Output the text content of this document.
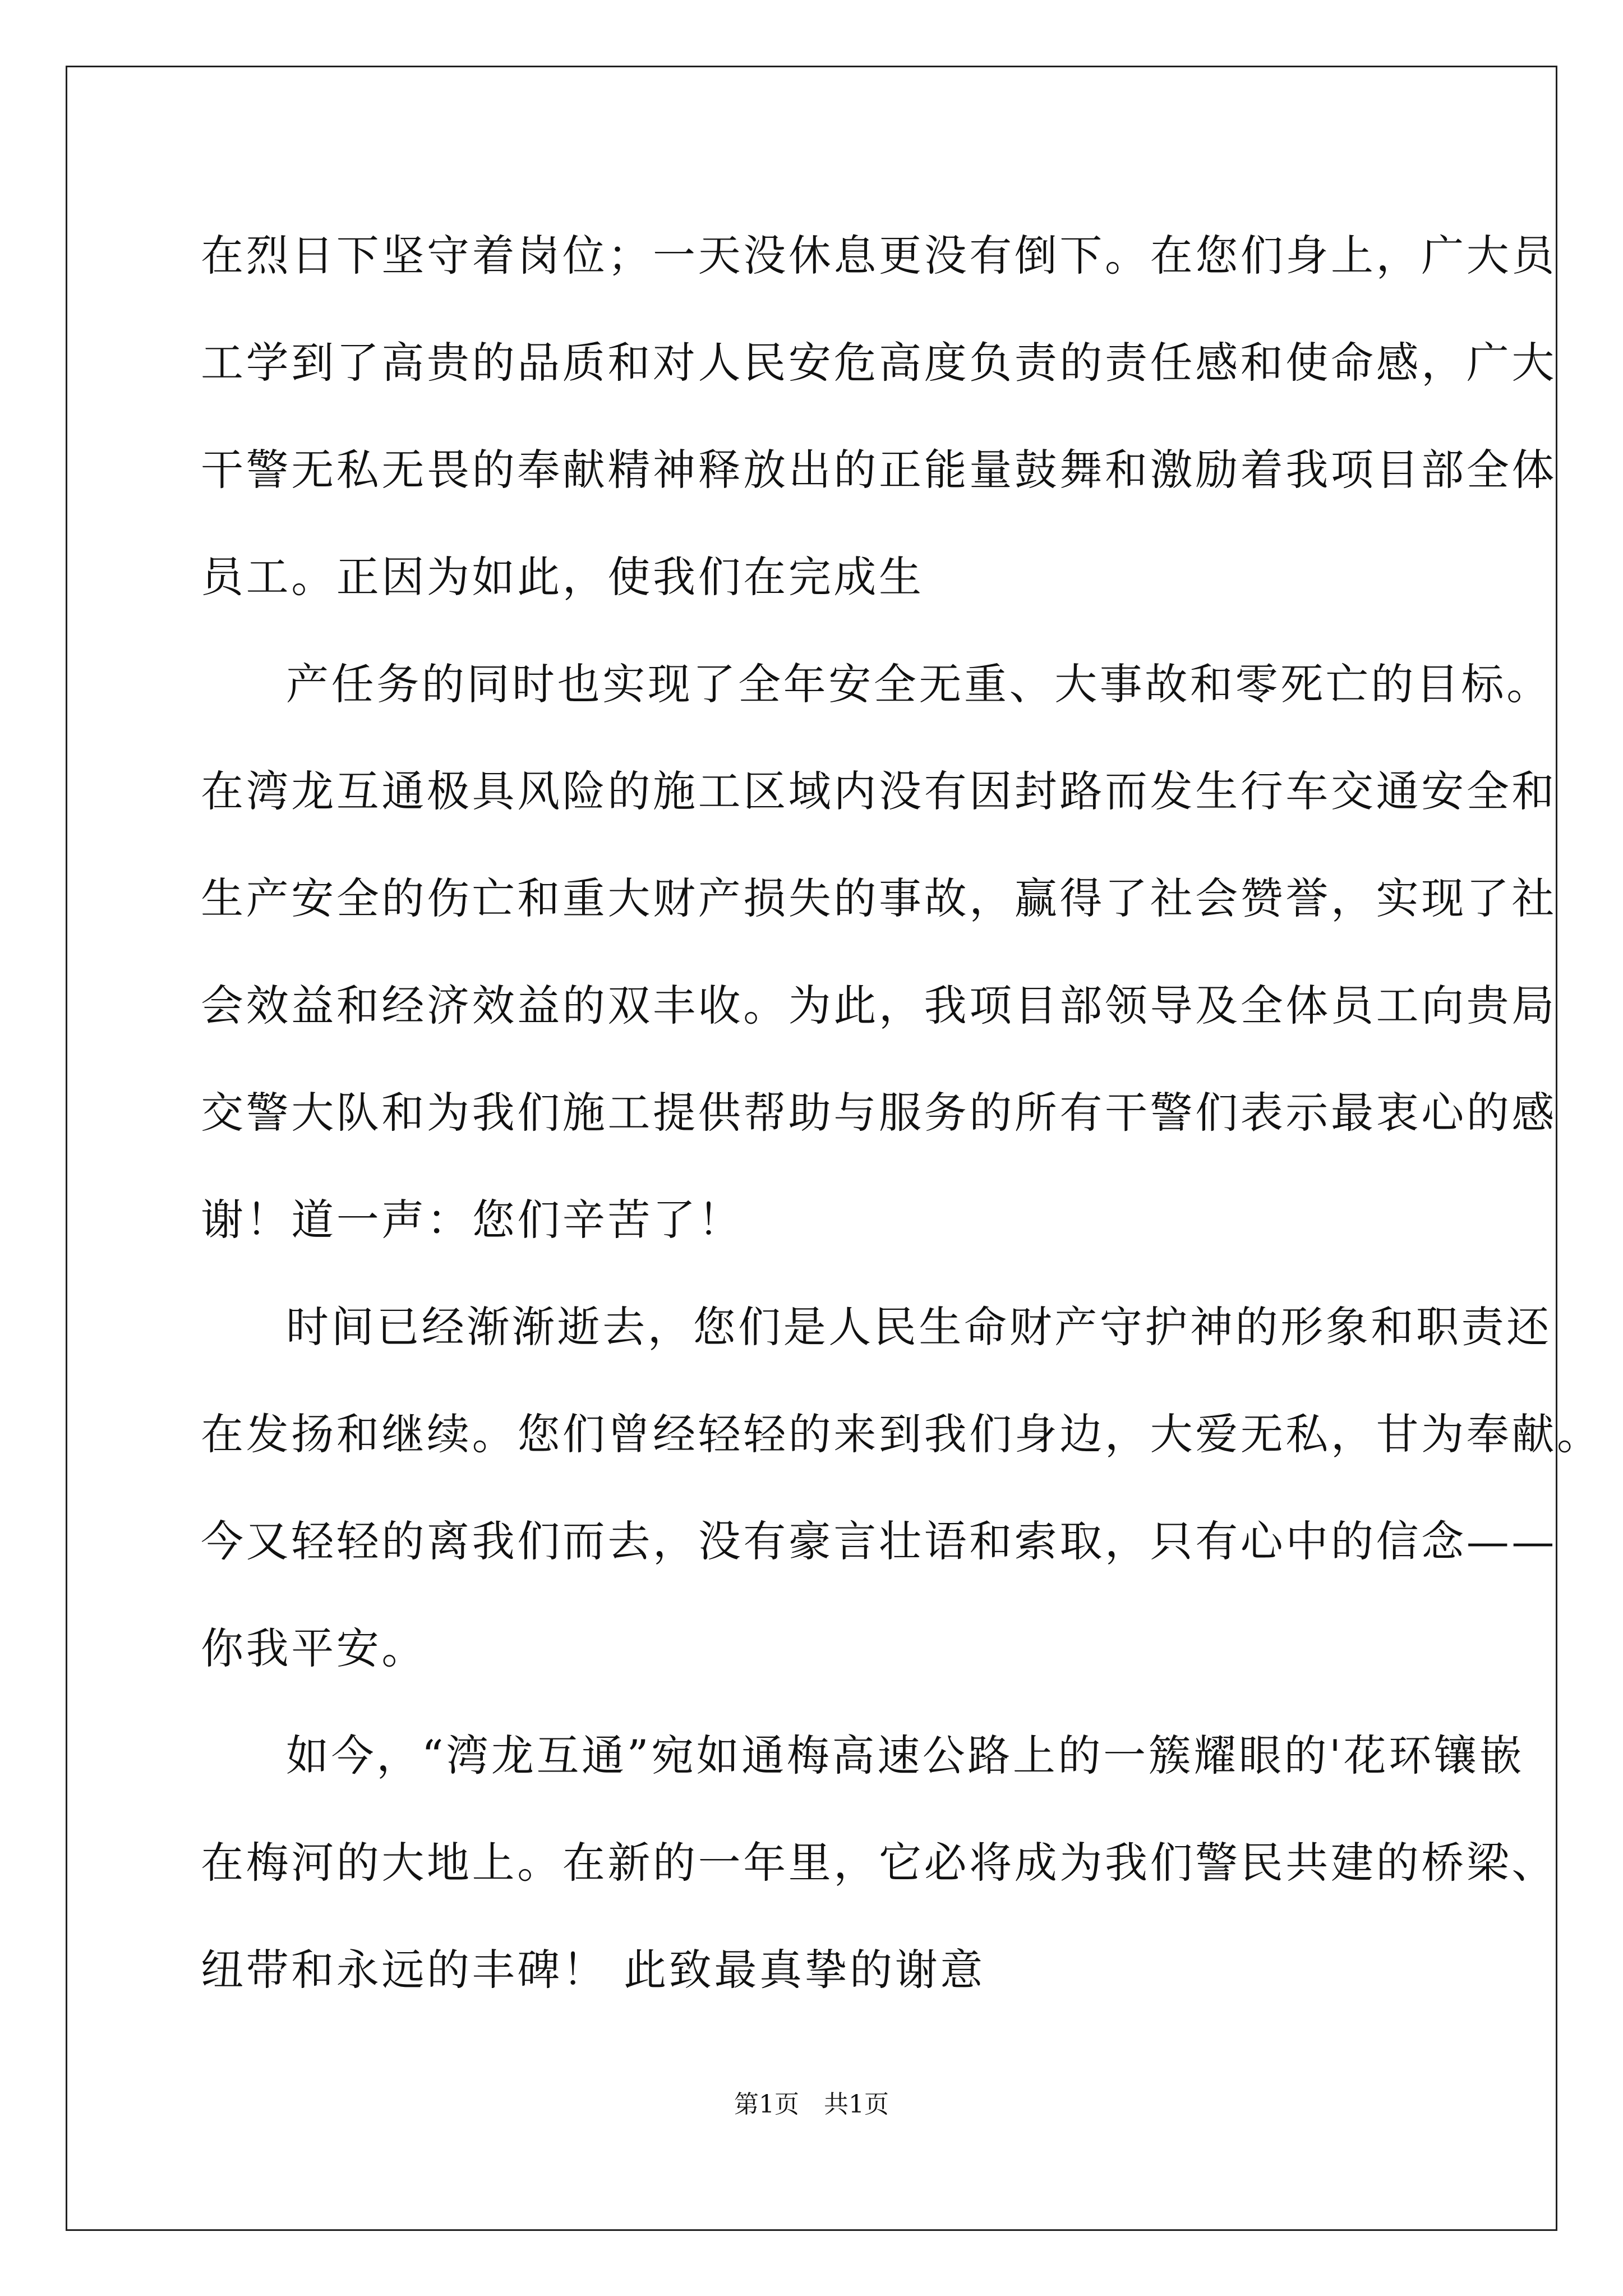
在烈日下坚守着岗位；一天没休息更没有倒下。在您们身上，广大员
工学到了高贵的品质和对人民安危高度负责的责任感和使命感，广大
干警无私无畏的奉献精神释放出的正能量鼓舞和激励着我项目部全体
员工。正因为如此，使我们在完成生
产任务的同时也实现了全年安全无重、大事故和零死亡的目标。
在湾龙互通极具风险的施工区域内没有因封路而发生行车交通安全和
生产安全的伤亡和重大财产损失的事故，赢得了社会赞誉，实现了社
会效益和经济效益的双丰收。为此，我项目部领导及全体员工向贵局
交警大队和为我们施工提供帮助与服务的所有干警们表示最衷心的感
谢！道一声：您们辛苦了！
时间已经渐渐逝去，您们是人民生命财产守护神的形象和职责还
在发扬和继续。您们曾经轻轻的来到我们身边，大爱无私，甘为奉献。
今又轻轻的离我们而去，没有豪言壮语和索取，只有心中的信念——
你我平安。
如今，“湾龙互通”宛如通梅高速公路上的一簇耀眼的'花环镶嵌
在梅河的大地上。在新的一年里，它必将成为我们警民共建的桥梁、
纽带和永远的丰碑！ 此致最真挚的谢意
第1页　共1页
